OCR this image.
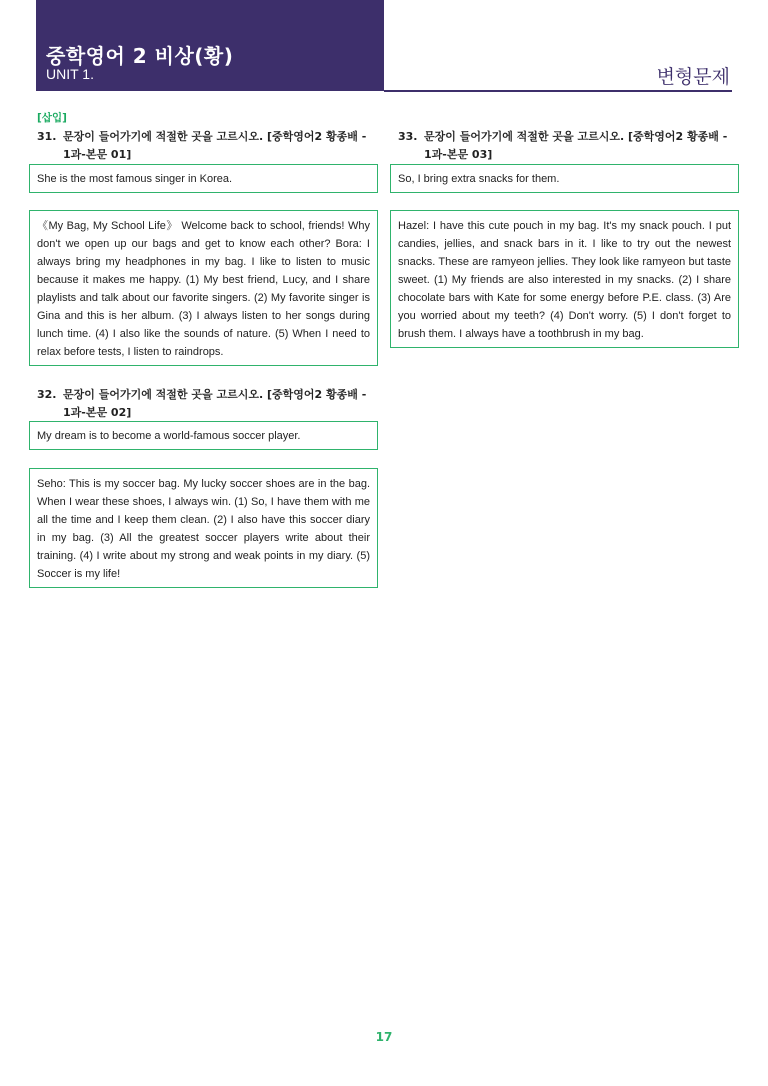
중학영어 2 비상(황)
UNIT 1.	변형문제
[삽입]
31. 문장이 들어가기에 적절한 곳을 고르시오. [중학영어2 황종배 - 1과-본문 01]
She is the most famous singer in Korea.
《My Bag, My School Life》 Welcome back to school, friends! Why don't we open up our bags and get to know each other? Bora: I always bring my headphones in my bag. I like to listen to music because it makes me happy. (1) My best friend, Lucy, and I share playlists and talk about our favorite singers. (2) My favorite singer is Gina and this is her album. (3) I always listen to her songs during lunch time. (4) I also like the sounds of nature. (5) When I need to relax before tests, I listen to raindrops.
32. 문장이 들어가기에 적절한 곳을 고르시오. [중학영어2 황종배 - 1과-본문 02]
My dream is to become a world-famous soccer player.
Seho: This is my soccer bag. My lucky soccer shoes are in the bag. When I wear these shoes, I always win. (1) So, I have them with me all the time and I keep them clean. (2) I also have this soccer diary in my bag. (3) All the greatest soccer players write about their training. (4) I write about my strong and weak points in my diary. (5) Soccer is my life!
33. 문장이 들어가기에 적절한 곳을 고르시오. [중학영어2 황종배 - 1과-본문 03]
So, I bring extra snacks for them.
Hazel: I have this cute pouch in my bag. It's my snack pouch. I put candies, jellies, and snack bars in it. I like to try out the newest snacks. These are ramyeon jellies. They look like ramyeon but taste sweet. (1) My friends are also interested in my snacks. (2) I share chocolate bars with Kate for some energy before P.E. class. (3) Are you worried about my teeth? (4) Don't worry. (5) I don't forget to brush them. I always have a toothbrush in my bag.
17
